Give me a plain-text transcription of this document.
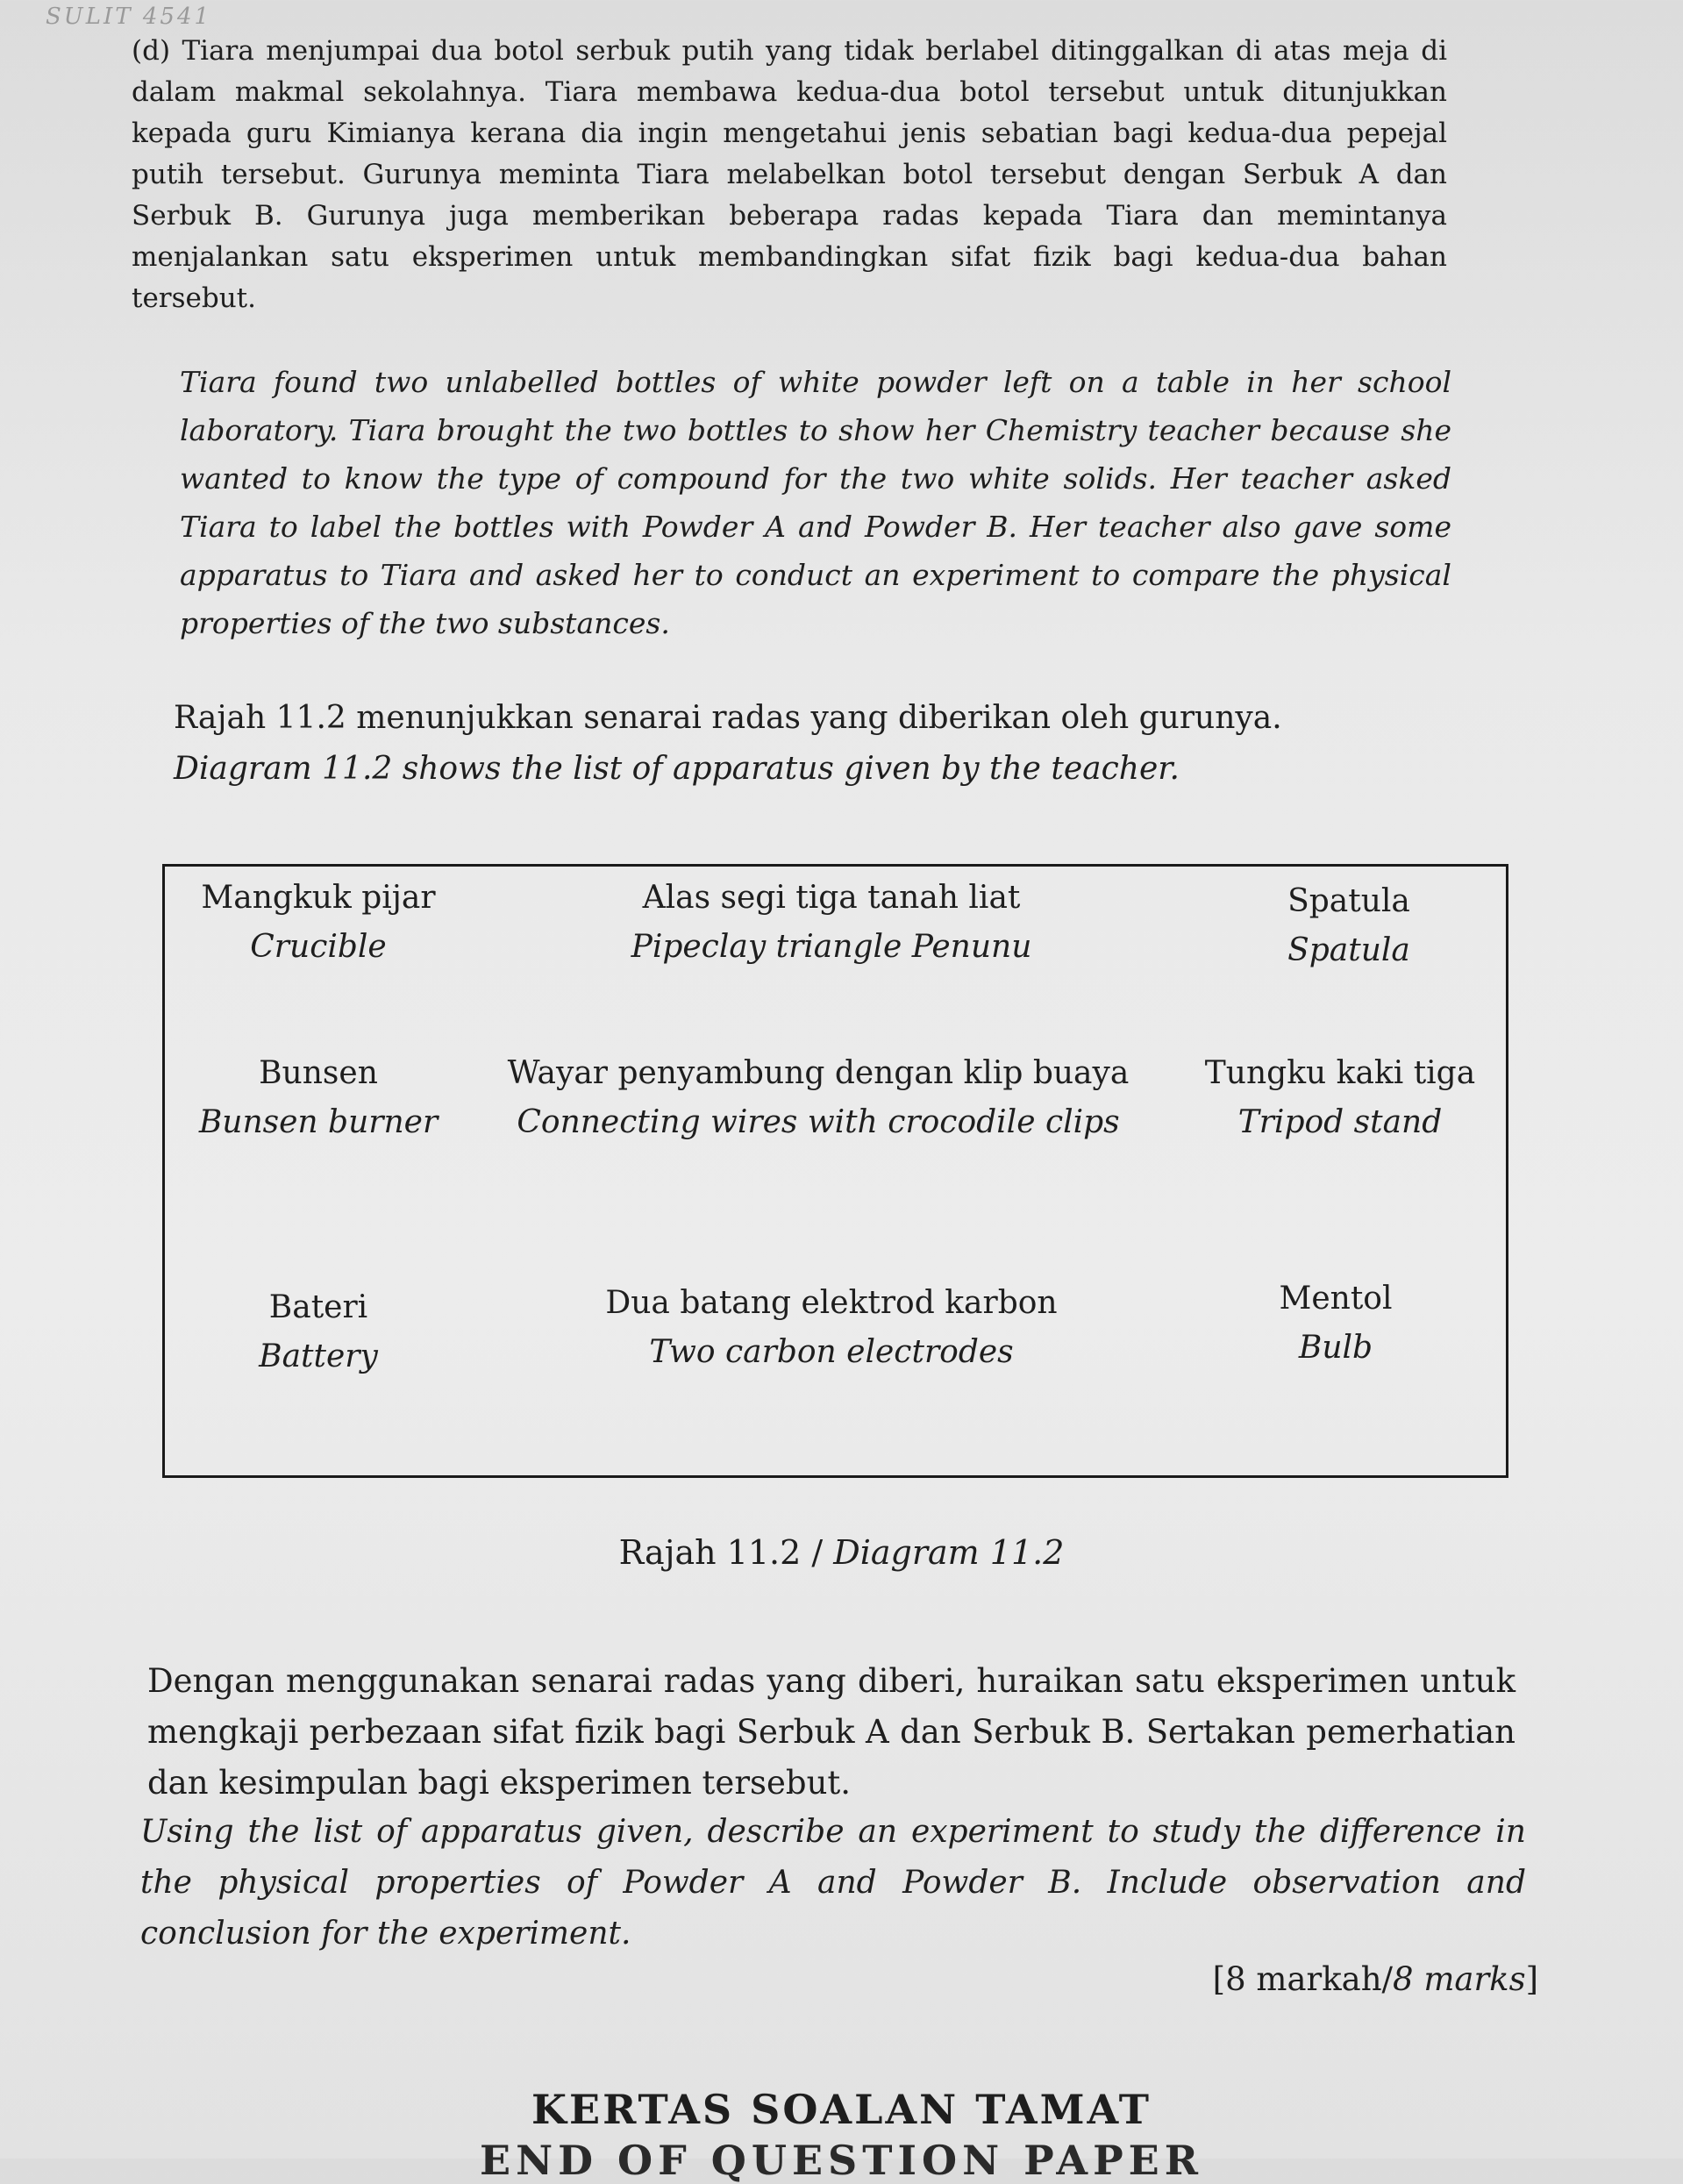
SULIT 4541
(d) Tiara menjumpai dua botol serbuk putih yang tidak berlabel ditinggalkan di atas meja di dalam makmal sekolahnya. Tiara membawa kedua-dua botol tersebut untuk ditunjukkan kepada guru Kimianya kerana dia ingin mengetahui jenis sebatian bagi kedua-dua pepejal putih tersebut. Gurunya meminta Tiara melabelkan botol tersebut dengan Serbuk A dan Serbuk B. Gurunya juga memberikan beberapa radas kepada Tiara dan memintanya menjalankan satu eksperimen untuk membandingkan sifat fizik bagi kedua-dua bahan tersebut.
Tiara found two unlabelled bottles of white powder left on a table in her school laboratory. Tiara brought the two bottles to show her Chemistry teacher because she wanted to know the type of compound for the two white solids. Her teacher asked Tiara to label the bottles with Powder A and Powder B. Her teacher also gave some apparatus to Tiara and asked her to conduct an experiment to compare the physical properties of the two substances.
Rajah 11.2 menunjukkan senarai radas yang diberikan oleh gurunya.
Diagram 11.2 shows the list of apparatus given by the teacher.
Mangkuk pijar
Crucible
Alas segi tiga tanah liat
Pipeclay triangle Penunu
Spatula
Spatula
Bunsen
Bunsen burner
Wayar penyambung dengan klip buaya
Connecting wires with crocodile clips
Tungku kaki tiga
Tripod stand
Bateri
Battery
Dua batang elektrod karbon
Two carbon electrodes
Mentol
Bulb
Rajah 11.2 / Diagram 11.2
Dengan menggunakan senarai radas yang diberi, huraikan satu eksperimen untuk mengkaji perbezaan sifat fizik bagi Serbuk A dan Serbuk B. Sertakan pemerhatian dan kesimpulan bagi eksperimen tersebut.
Using the list of apparatus given, describe an experiment to study the difference in the physical properties of Powder A and Powder B. Include observation and conclusion for the experiment.
[8 markah/8 marks]
KERTAS SOALAN TAMAT
END OF QUESTION PAPER
